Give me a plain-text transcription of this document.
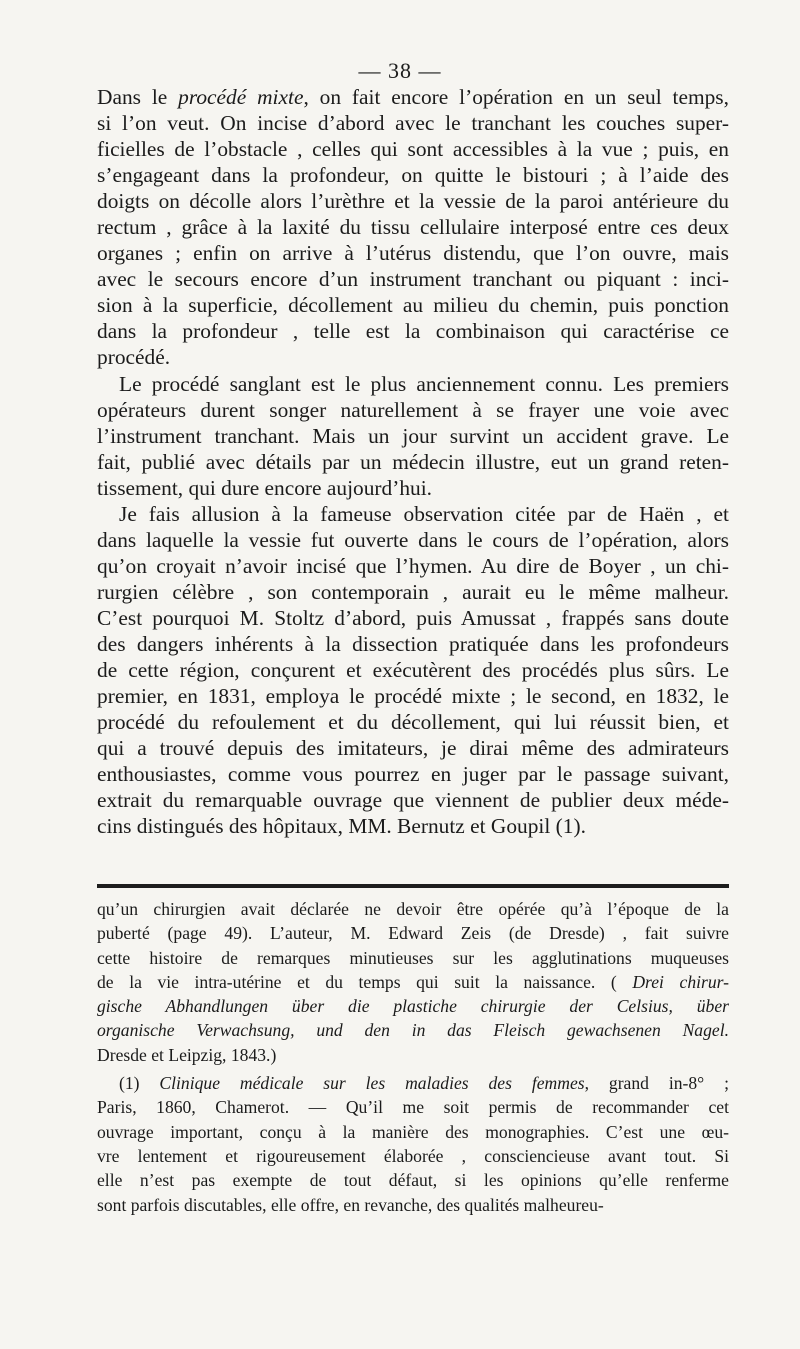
— 38 —
Dans le procédé mixte, on fait encore l’opération en un seul temps,
si l’on veut. On incise d’abord avec le tranchant les couches super-
ficielles de l’obstacle , celles qui sont accessibles à la vue ; puis, en
s’engageant dans la profondeur, on quitte le bistouri ; à l’aide des
doigts on décolle alors l’urèthre et la vessie de la paroi antérieure du
rectum , grâce à la laxité du tissu cellulaire interposé entre ces deux
organes ; enfin on arrive à l’utérus distendu, que l’on ouvre, mais
avec le secours encore d’un instrument tranchant ou piquant : inci-
sion à la superficie, décollement au milieu du chemin, puis ponction
dans la profondeur , telle est la combinaison qui caractérise ce
procédé.
Le procédé sanglant est le plus anciennement connu. Les premiers
opérateurs durent songer naturellement à se frayer une voie avec
l’instrument tranchant. Mais un jour survint un accident grave. Le
fait, publié avec détails par un médecin illustre, eut un grand reten-
tissement, qui dure encore aujourd’hui.
Je fais allusion à la fameuse observation citée par de Haën , et
dans laquelle la vessie fut ouverte dans le cours de l’opération, alors
qu’on croyait n’avoir incisé que l’hymen. Au dire de Boyer , un chi-
rurgien célèbre , son contemporain , aurait eu le même malheur.
C’est pourquoi M. Stoltz d’abord, puis Amussat , frappés sans doute
des dangers inhérents à la dissection pratiquée dans les profondeurs
de cette région, conçurent et exécutèrent des procédés plus sûrs. Le
premier, en 1831, employa le procédé mixte ; le second, en 1832, le
procédé du refoulement et du décollement, qui lui réussit bien, et
qui a trouvé depuis des imitateurs, je dirai même des admirateurs
enthousiastes, comme vous pourrez en juger par le passage suivant,
extrait du remarquable ouvrage que viennent de publier deux méde-
cins distingués des hôpitaux, MM. Bernutz et Goupil (1).
qu’un chirurgien avait déclarée ne devoir être opérée qu’à l’époque de la
puberté (page 49). L’auteur, M. Edward Zeis (de Dresde) , fait suivre
cette histoire de remarques minutieuses sur les agglutinations muqueuses
de la vie intra-utérine et du temps qui suit la naissance. ( Drei chirur-
gische Abhandlungen über die plastiche chirurgie der Celsius, über
organische Verwachsung, und den in das Fleisch gewachsenen Nagel.
Dresde et Leipzig, 1843.)
(1) Clinique médicale sur les maladies des femmes, grand in-8° ;
Paris, 1860, Chamerot. — Qu’il me soit permis de recommander cet
ouvrage important, conçu à la manière des monographies. C’est une œu-
vre lentement et rigoureusement élaborée , consciencieuse avant tout. Si
elle n’est pas exempte de tout défaut, si les opinions qu’elle renferme
sont parfois discutables, elle offre, en revanche, des qualités malheureu-
